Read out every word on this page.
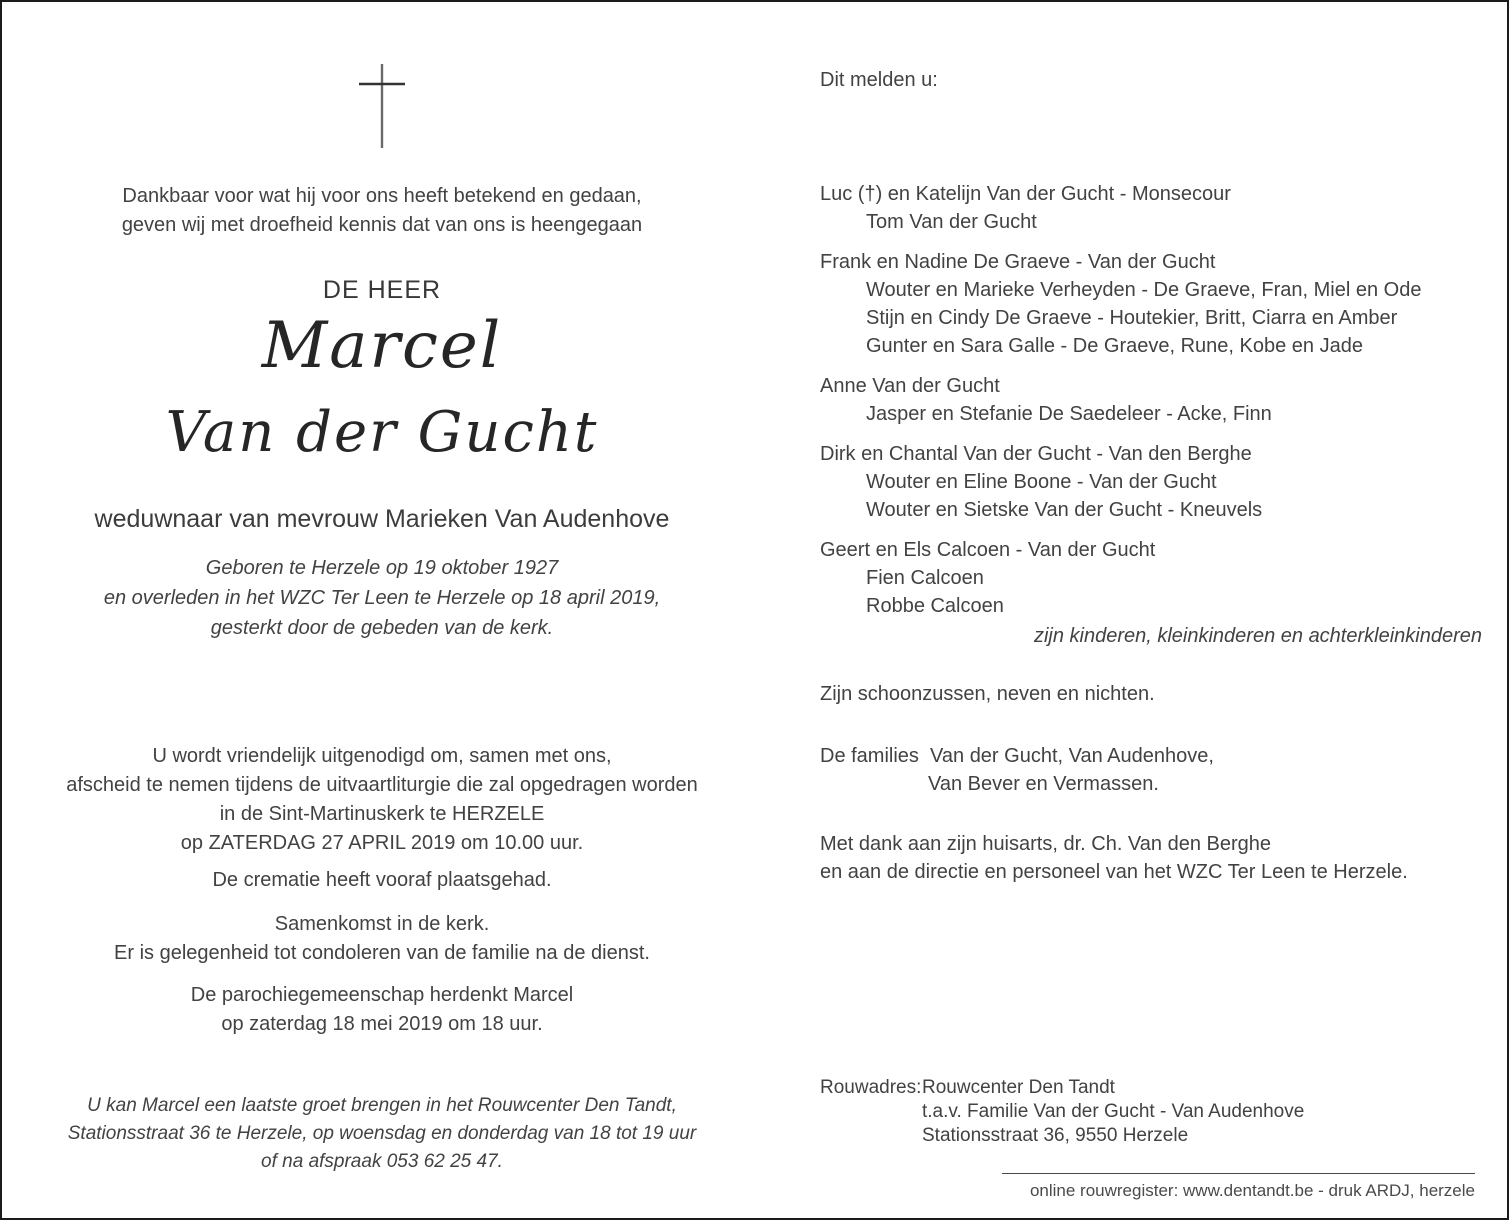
Dankbaar voor wat hij voor ons heeft betekend en gedaan,
geven wij met droefheid kennis dat van ons is heengegaan
DE HEER
Marcel
Van der Gucht
weduwnaar van mevrouw Marieken Van Audenhove
Geboren te Herzele op 19 oktober 1927
en overleden in het WZC Ter Leen te Herzele op 18 april 2019,
gesterkt door de gebeden van de kerk.
U wordt vriendelijk uitgenodigd om, samen met ons,
afscheid te nemen tijdens de uitvaartliturgie die zal opgedragen worden
in de Sint-Martinuskerk te HERZELE
op ZATERDAG 27 APRIL 2019 om 10.00 uur.
De crematie heeft vooraf plaatsgehad.
Samenkomst in de kerk.
Er is gelegenheid tot condoleren van de familie na de dienst.
De parochiegemeenschap herdenkt Marcel
op zaterdag 18 mei 2019 om 18 uur.
U kan Marcel een laatste groet brengen in het Rouwcenter Den Tandt,
Stationsstraat 36 te Herzele, op woensdag en donderdag van 18 tot 19 uur
of na afspraak 053 62 25 47.
Dit melden u:
Luc (†) en Katelijn Van der Gucht - Monsecour
Tom Van der Gucht
Frank en Nadine De Graeve - Van der Gucht
Wouter en Marieke Verheyden - De Graeve, Fran, Miel en Ode
Stijn en Cindy De Graeve - Houtekier, Britt, Ciarra en Amber
Gunter en Sara Galle - De Graeve, Rune, Kobe en Jade
Anne Van der Gucht
Jasper en Stefanie De Saedeleer - Acke, Finn
Dirk en Chantal Van der Gucht - Van den Berghe
Wouter en Eline Boone - Van der Gucht
Wouter en Sietske Van der Gucht - Kneuvels
Geert en Els Calcoen - Van der Gucht
Fien Calcoen
Robbe Calcoen
zijn kinderen, kleinkinderen en achterkleinkinderen
Zijn schoonzussen, neven en nichten.
De families  Van der Gucht, Van Audenhove,
Van Bever en Vermassen.
Met dank aan zijn huisarts, dr. Ch. Van den Berghe
en aan de directie en personeel van het WZC Ter Leen te Herzele.
Rouwadres: Rouwcenter Den Tandt
t.a.v. Familie Van der Gucht - Van Audenhove
Stationsstraat 36, 9550 Herzele
online rouwregister: www.dentandt.be - druk ARDJ, herzele
